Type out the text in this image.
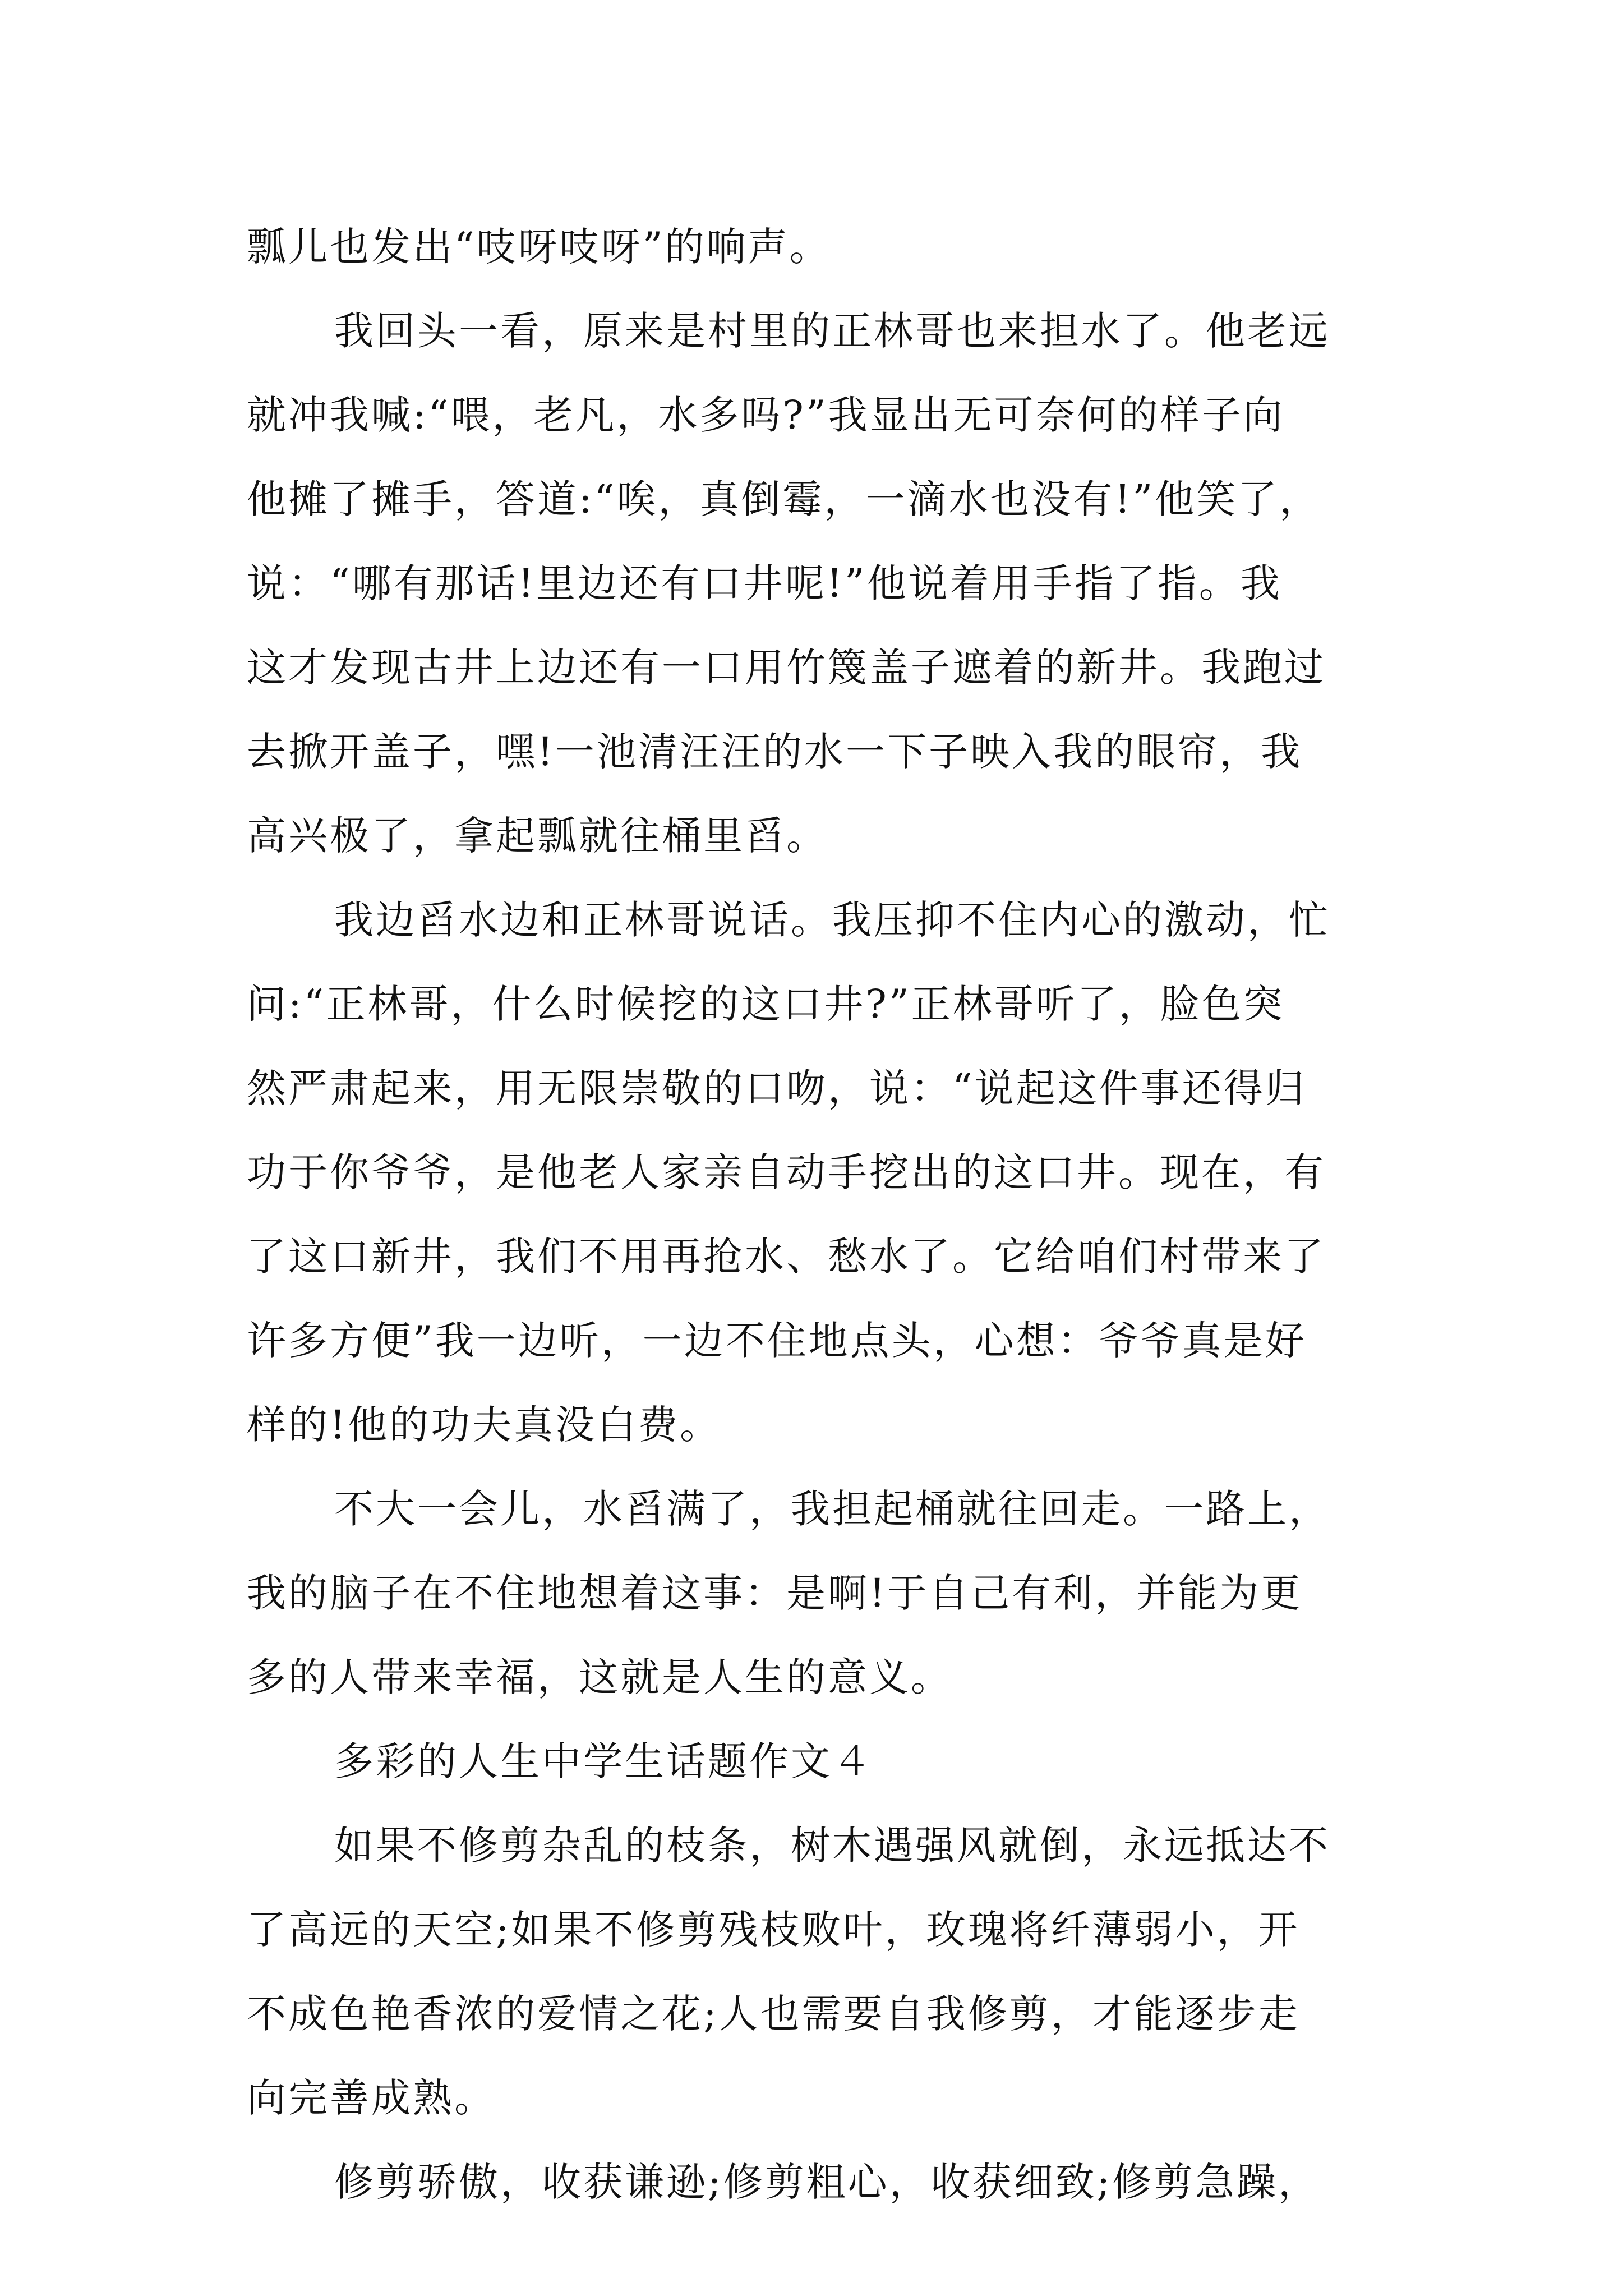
瓢儿也发出“吱呀吱呀”的响声。
我回头一看，原来是村里的正林哥也来担水了。他老远
就冲我喊:“喂，老凡，水多吗?”我显出无可奈何的样子向
他摊了摊手，答道:“唉，真倒霉，一滴水也没有!”他笑了，
说：“哪有那话!里边还有口井呢!”他说着用手指了指。我
这才发现古井上边还有一口用竹篾盖子遮着的新井。我跑过
去掀开盖子，嘿!一池清汪汪的水一下子映入我的眼帘，我
高兴极了，拿起瓢就往桶里舀。
我边舀水边和正林哥说话。我压抑不住内心的激动，忙
问:“正林哥，什么时候挖的这口井?”正林哥听了，脸色突
然严肃起来，用无限崇敬的口吻，说：“说起这件事还得归
功于你爷爷，是他老人家亲自动手挖出的这口井。现在，有
了这口新井，我们不用再抢水、愁水了。它给咱们村带来了
许多方便”我一边听，一边不住地点头，心想：爷爷真是好
样的!他的功夫真没白费。
不大一会儿，水舀满了，我担起桶就往回走。一路上，
我的脑子在不住地想着这事：是啊!于自己有利，并能为更
多的人带来幸福，这就是人生的意义。
多彩的人生中学生话题作文４
如果不修剪杂乱的枝条，树木遇强风就倒，永远抵达不
了高远的天空;如果不修剪残枝败叶，玫瑰将纤薄弱小，开
不成色艳香浓的爱情之花;人也需要自我修剪，才能逐步走
向完善成熟。
修剪骄傲，收获谦逊;修剪粗心，收获细致;修剪急躁，
